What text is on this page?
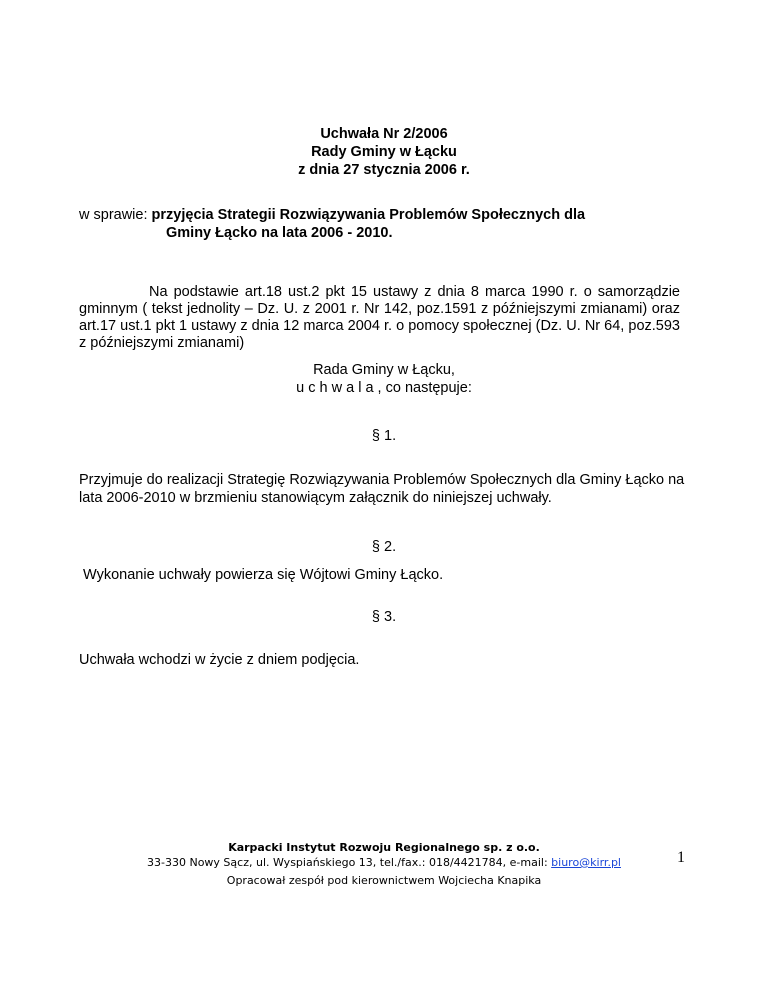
Uchwała Nr 2/2006
Rady Gminy w Łącku
z dnia 27 stycznia 2006 r.
w sprawie: przyjęcia Strategii Rozwiązywania Problemów Społecznych dla
Gminy Łącko na lata 2006 - 2010.
Na podstawie art.18 ust.2 pkt 15 ustawy z dnia 8 marca 1990 r. o samorządzie gminnym ( tekst jednolity – Dz. U. z 2001 r. Nr 142, poz.1591 z późniejszymi zmianami) oraz art.17 ust.1 pkt 1 ustawy z dnia 12 marca 2004 r. o pomocy społecznej (Dz. U. Nr 64, poz.593 z późniejszymi zmianami)
Rada Gminy w Łącku,
u c h w a l a , co następuje:
§ 1.
Przyjmuje do realizacji Strategię Rozwiązywania Problemów Społecznych dla Gminy Łącko na lata 2006-2010 w brzmieniu stanowiącym załącznik do niniejszej uchwały.
§ 2.
Wykonanie uchwały powierza się Wójtowi Gminy Łącko.
§ 3.
Uchwała wchodzi w życie z dniem podjęcia.
Karpacki Instytut Rozwoju Regionalnego sp. z o.o.
33-330 Nowy Sącz, ul. Wyspiańskiego 13, tel./fax.: 018/4421784, e-mail: biuro@kirr.pl
Opracował zespół pod kierownictwem Wojciecha Knapika
1
